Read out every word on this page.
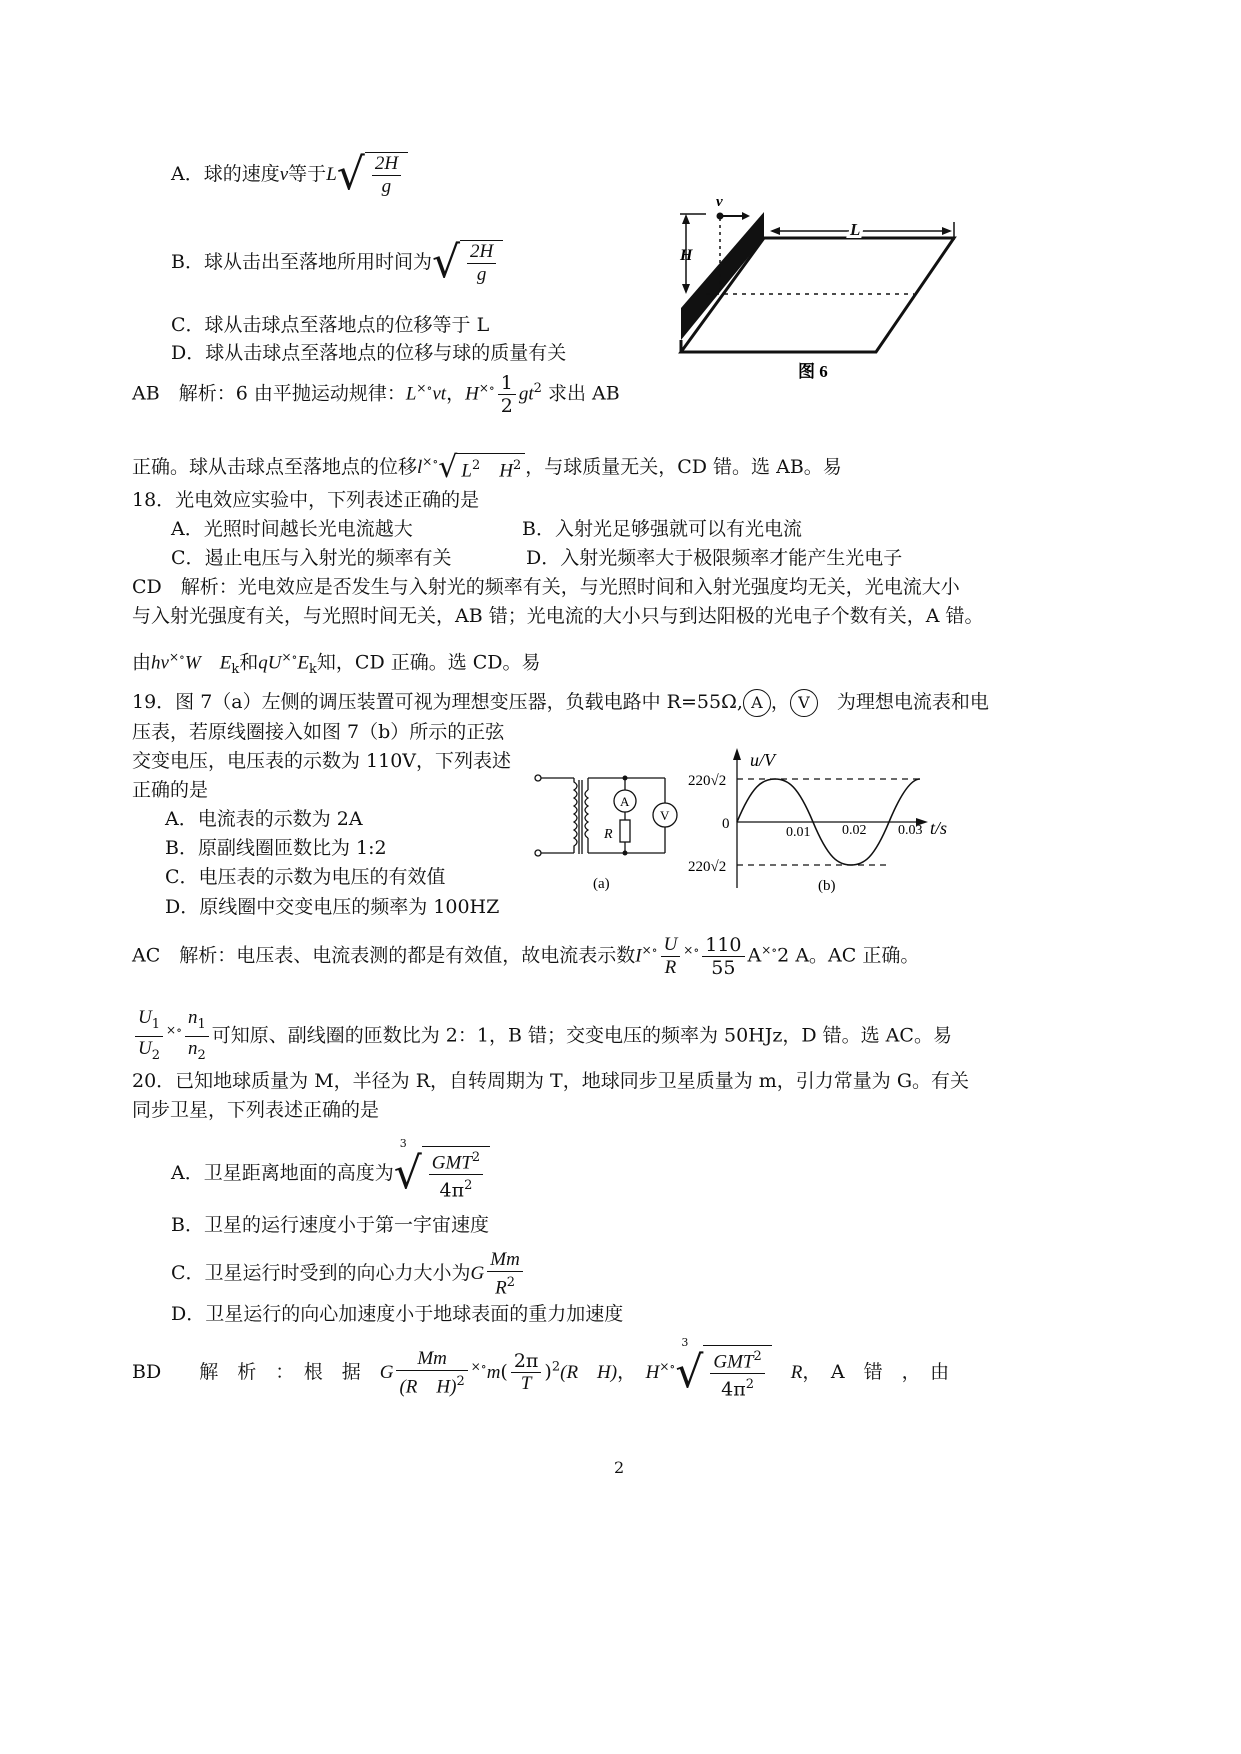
A．球的速度v等于$L√ \frac{2H}{g}$
B．球从击出至落地所用时间为√ $\frac{2H}{g}$
C．球从击球点至落地点的位移等于 L
D．球从击球点至落地点的位移与球的质量有关
AB　 解析：6 由平抛运动规律：L×∘vt，$H^{\times\circ} \frac{1}{2} gt^2$ 求出 AB
正确。球从击球点至落地点的位移l×∘√ $L^2$　 $H^2$ ，与球质量无关，CD 错。选 AB。易
v
H
L
图 6
18．光电效应实验中，下列表述正确的是
A．光照时间越长光电流越大	B．入射光足够强就可以有光电流
C．遏止电压与入射光的频率有关	D．入射光频率大于极限频率才能产生光电子
CD　 解析：光电效应是否发生与入射光的频率有关，与光照时间和入射光强度均无关，光电流大小
与入射光强度有关，与光照时间无关，AB 错；光电流的大小只与到达阳极的光电子个数有关，A 错。
由hν×∘W　 $E_k$和$qU^{\times\circ}E_k$知，CD 正确。选 CD。易
19．图 7（a）左侧的调压装置可视为理想变压器，负载电路中 R=55Ω, A ， V　 为理想电流表和电
压表，若原线圈接入如图 7（b）所示的正弦
交变电压，电压表的示数为 110V，下列表述
正确的是
A．电流表的示数为 2A
B．原副线圈匝数比为 1:2
C．电压表的示数为电压的有效值
D．原线圈中交变电压的频率为 100HZ
V
A
R
(a)
u/V
t/s
220√2
220√2
0
0.01 0.02 0.03
(b)
AC　 解析：电压表、电流表测的都是有效值，故电流表示数$I^{\times\circ} \frac{U}{R} ^{\times\circ} \frac{110}{55} A^{\times\circ}2$ A。AC 正确。
$\frac{U_1}{U_2} ^{\times\circ} \frac{n_1}{n_2}$ 可知原、副线圈的匝数比为 2：1，B 错；交变电压的频率为 50HJz，D 错。选 AC。易
20．已知地球质量为 M，半径为 R，自转周期为 T，地球同步卫星质量为 m，引力常量为 G。有关
同步卫星，下列表述正确的是
A．卫星距离地面的高度为
3
√ $\frac{GMT^2}{4\pi^2}$
B．卫星的运行速度小于第一宇宙速度
C．卫星运行时受到的向心力大小为G $\frac{Mm}{R^2}$
D．卫星运行的向心加速度小于地球表面的重力加速度
BD　　 解　析　：　根　据　 G $\frac{Mm}{(R H)^2} ^{\times\circ}m( \frac{2\pi}{T} )^2(R$　H)，　 H×∘
3
√ $\frac{GMT^2}{4\pi^2}$
　 R，　A　错　，　由
2
